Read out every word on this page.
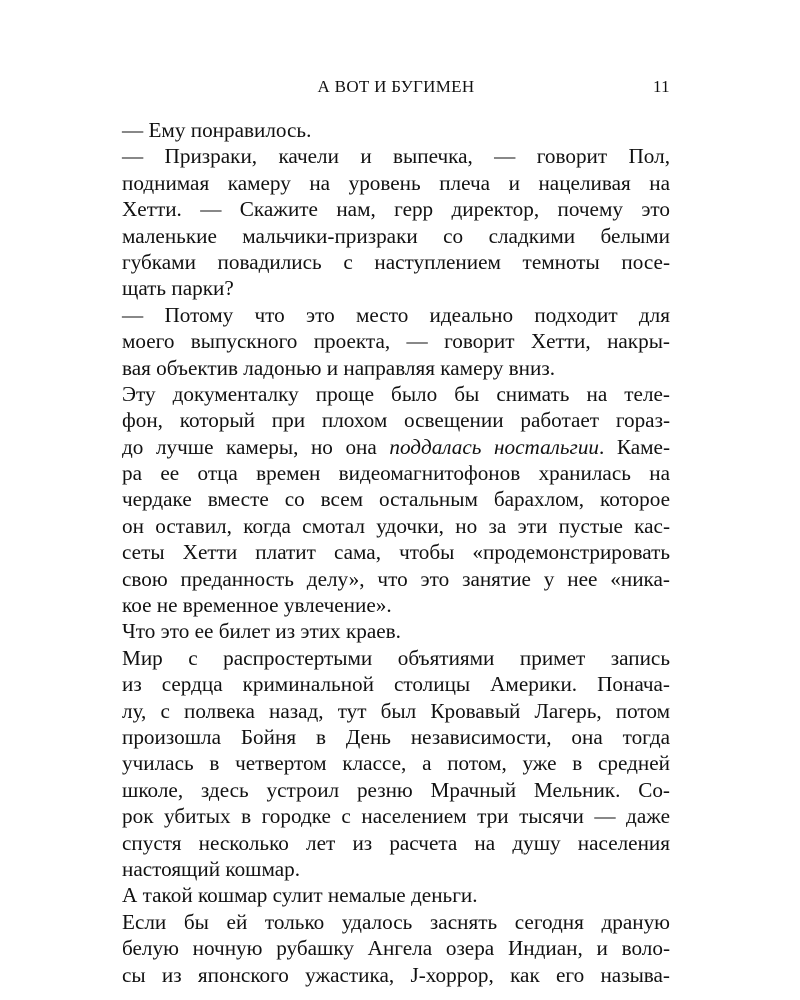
А ВОТ И БУГИМЕН	11
— Ему понравилось.
— Призраки, качели и выпечка, — говорит Пол,
поднимая камеру на уровень плеча и нацеливая на
Хетти. — Скажите нам, герр директор, почему это
маленькие мальчики-призраки со сладкими белыми
губками повадились с наступлением темноты посе-
щать парки?
— Потому что это место идеально подходит для
моего выпускного проекта, — говорит Хетти, накры-
вая объектив ладонью и направляя камеру вниз.
Эту документалку проще было бы снимать на теле-
фон, который при плохом освещении работает гораз-
до лучше камеры, но она поддалась ностальгии. Каме-
ра ее отца времен видеомагнитофонов хранилась на
чердаке вместе со всем остальным барахлом, которое
он оставил, когда смотал удочки, но за эти пустые кас-
сеты Хетти платит сама, чтобы «продемонстрировать
свою преданность делу», что это занятие у нее «ника-
кое не временное увлечение».
Что это ее билет из этих краев.
Мир с распростертыми объятиями примет запись
из сердца криминальной столицы Америки. Поначa-
лу, с полвека назад, тут был Кровавый Лагерь, потом
произошла Бойня в День независимости, она тогда
училась в четвертом классе, а потом, уже в средней
школе, здесь устроил резню Мрачный Мельник. Со-
рок убитых в городке с населением три тысячи — даже
спустя несколько лет из расчета на душу населения
настоящий кошмар.
А такой кошмар сулит немалые деньги.
Если бы ей только удалось заснять сегодня драную
белую ночную рубашку Ангела озера Индиан, и воло-
сы из японского ужастика, J-хоррор, как его называ-
